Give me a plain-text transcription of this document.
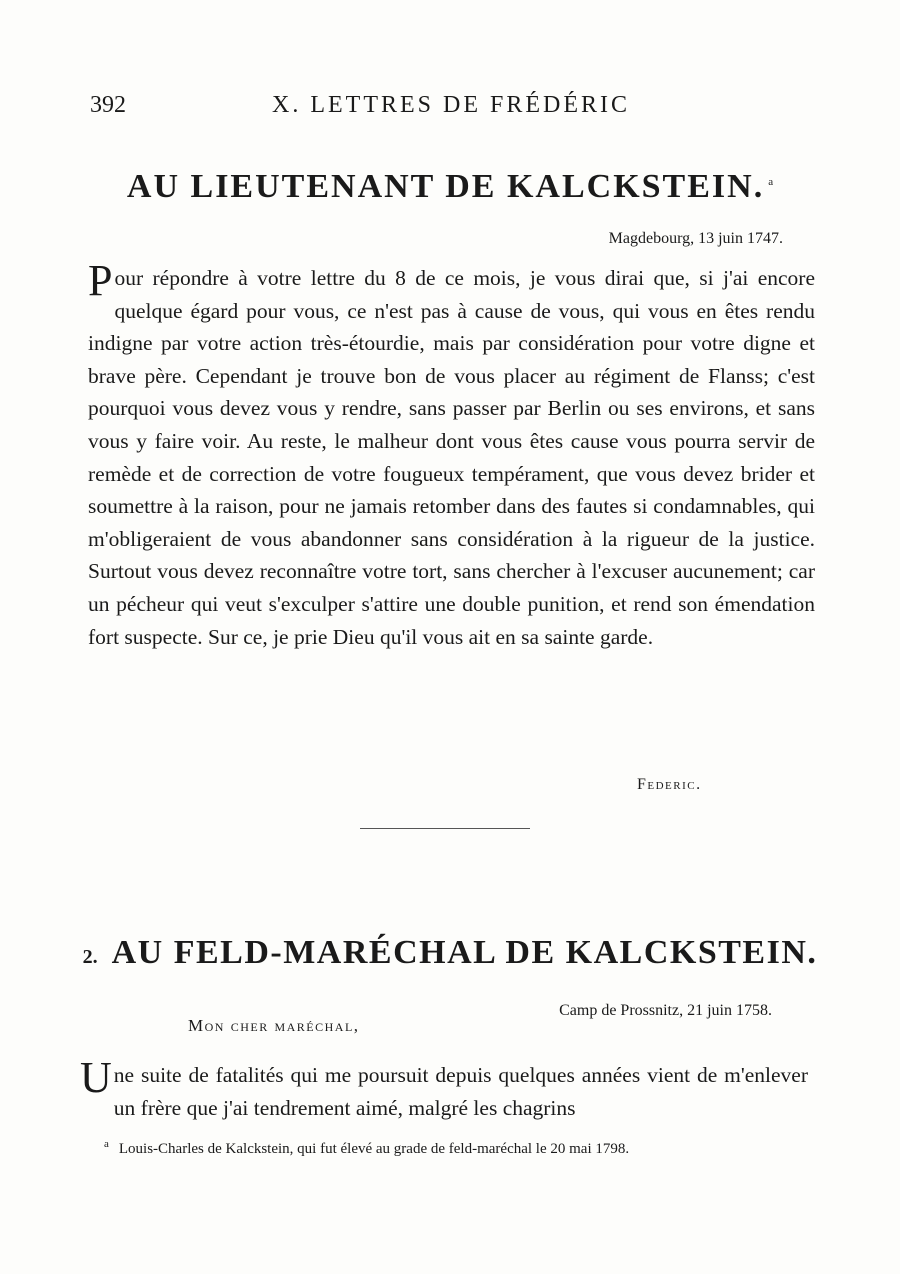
392	X. LETTRES DE FRÉDÉRIC
AU LIEUTENANT DE KALCKSTEIN. $^a$
Magdebourg, 13 juin 1747.

Pour répondre à votre lettre du 8 de ce mois, je vous dirai que, si j'ai encore quelque égard pour vous, ce n'est pas à cause de vous, qui vous en êtes rendu indigne par votre action très-étourdie, mais par considération pour votre digne et brave père. Cependant je trouve bon de vous placer au régiment de Flanss; c'est pourquoi vous devez vous y rendre, sans passer par Berlin ou ses environs, et sans vous y faire voir. Au reste, le malheur dont vous êtes cause vous pourra servir de remède et de correction de votre fougueux tempérament, que vous devez brider et soumettre à la raison, pour ne jamais retomber dans des fautes si condamnables, qui m'obligeraient de vous abandonner sans considération à la rigueur de la justice. Surtout vous devez reconnaître votre tort, sans chercher à l'excuser aucunement; car un pécheur qui veut s'exculper s'attire une double punition, et rend son émendation fort suspecte. Sur ce, je prie Dieu qu'il vous ait en sa sainte garde.

Federic.
2. AU FELD-MARÉCHAL DE KALCKSTEIN.
Camp de Prossnitz, 21 juin 1758.
Mon cher maréchal,

Une suite de fatalités qui me poursuit depuis quelques années vient de m'enlever un frère que j'ai tendrement aimé, malgré les chagrins

$^a$ Louis-Charles de Kalckstein, qui fut élevé au grade de feld-maréchal le 20 mai 1798.
